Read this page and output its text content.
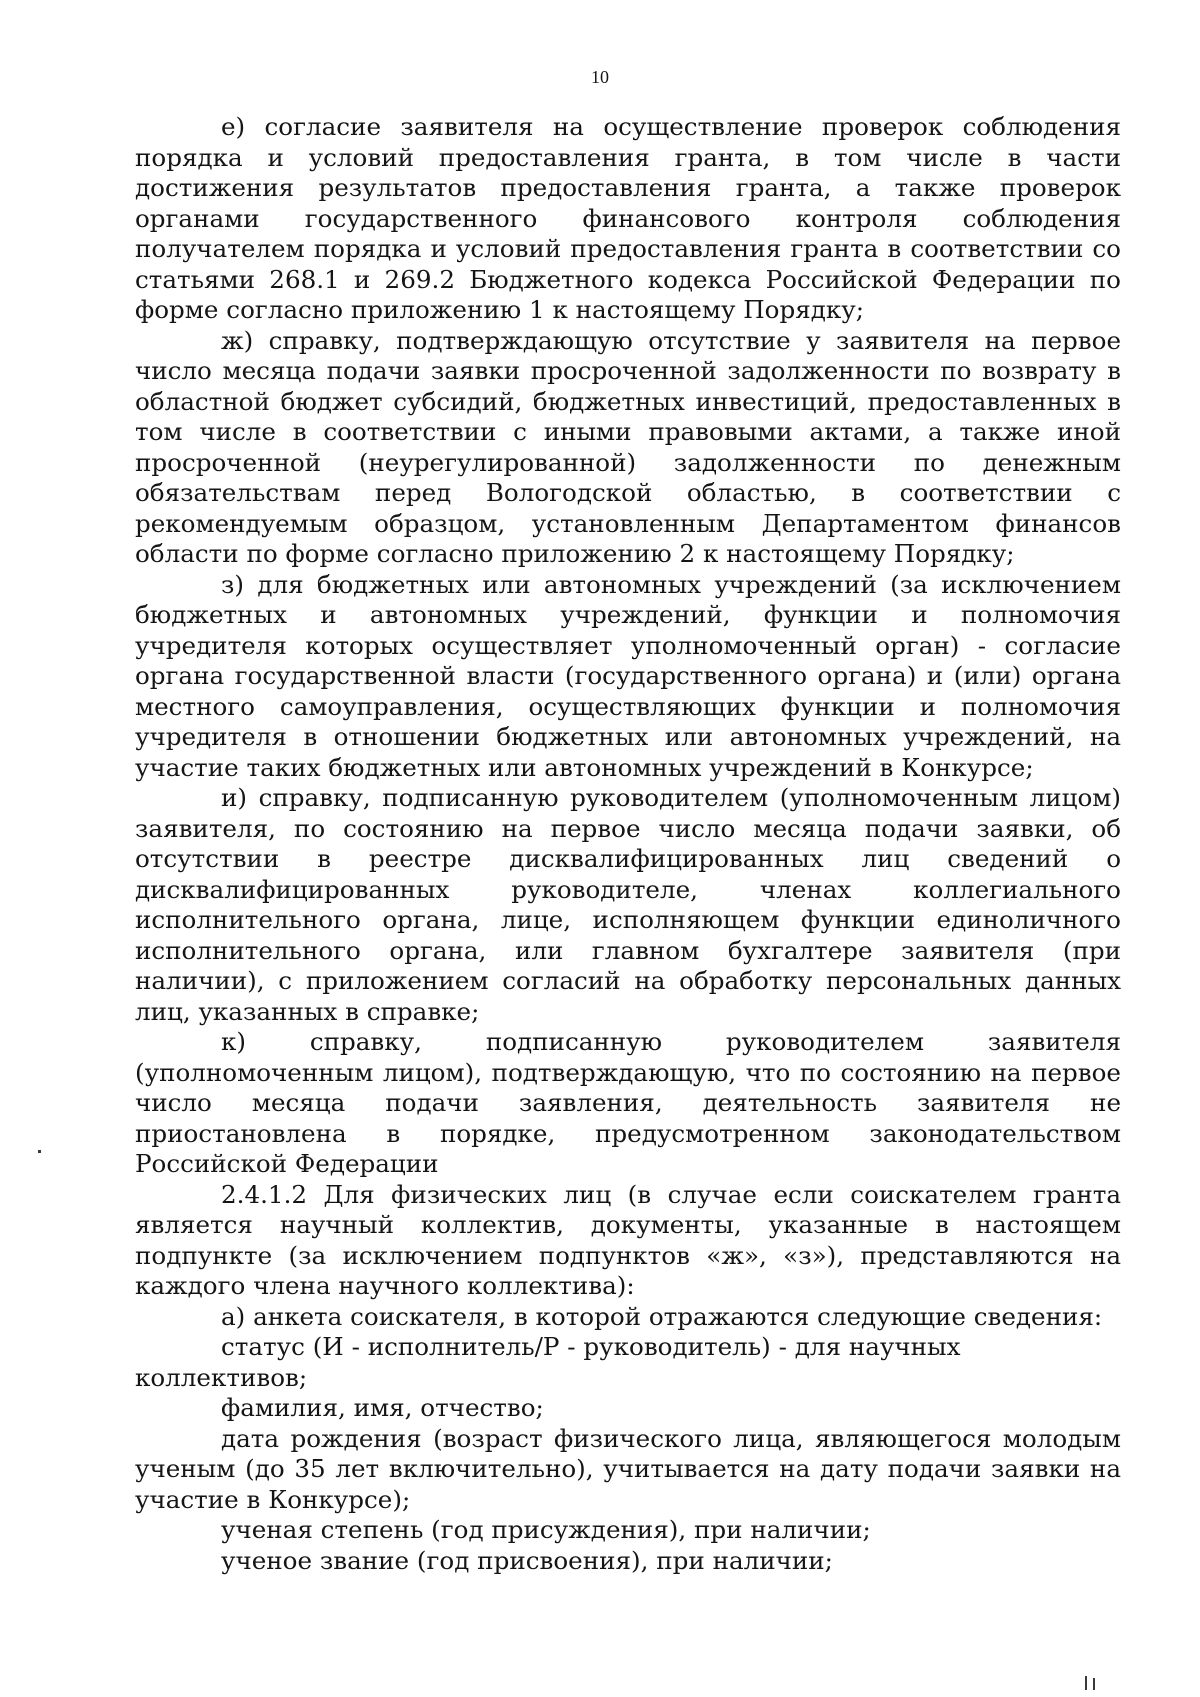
10

е) согласие заявителя на осуществление проверок соблюдения порядка и условий предоставления гранта, в том числе в части достижения результатов предоставления гранта, а также проверок органами государственного финансового контроля соблюдения получателем порядка и условий предоставления гранта в соответствии со статьями 268.1 и 269.2 Бюджетного кодекса Российской Федерации по форме согласно приложению 1 к настоящему Порядку;

ж) справку, подтверждающую отсутствие у заявителя на первое число месяца подачи заявки просроченной задолженности по возврату в областной бюджет субсидий, бюджетных инвестиций, предоставленных в том числе в соответствии с иными правовыми актами, а также иной просроченной (неурегулированной) задолженности по денежным обязательствам перед Вологодской областью, в соответствии с рекомендуемым образцом, установленным Департаментом финансов области по форме согласно приложению 2 к настоящему Порядку;

з) для бюджетных или автономных учреждений (за исключением бюджетных и автономных учреждений, функции и полномочия учредителя которых осуществляет уполномоченный орган) - согласие органа государственной власти (государственного органа) и (или) органа местного самоуправления, осуществляющих функции и полномочия учредителя в отношении бюджетных или автономных учреждений, на участие таких бюджетных или автономных учреждений в Конкурсе;

и) справку, подписанную руководителем (уполномоченным лицом) заявителя, по состоянию на первое число месяца подачи заявки, об отсутствии в реестре дисквалифицированных лиц сведений о дисквалифицированных руководителе, членах коллегиального исполнительного органа, лице, исполняющем функции единоличного исполнительного органа, или главном бухгалтере заявителя (при наличии), с приложением согласий на обработку персональных данных лиц, указанных в справке;

к) справку, подписанную руководителем заявителя (уполномоченным лицом), подтверждающую, что по состоянию на первое число месяца подачи заявления, деятельность заявителя не приостановлена в порядке, предусмотренном законодательством Российской Федерации

2.4.1.2 Для физических лиц (в случае если соискателем гранта является научный коллектив, документы, указанные в настоящем подпункте (за исключением подпунктов «ж», «з»), представляются на каждого члена научного коллектива):

а) анкета соискателя, в которой отражаются следующие сведения:

статус (И - исполнитель/Р - руководитель) - для научных коллективов;

фамилия, имя, отчество;

дата рождения (возраст физического лица, являющегося молодым ученым (до 35 лет включительно), учитывается на дату подачи заявки на участие в Конкурсе);

ученая степень (год присуждения), при наличии;

ученое звание (год присвоения), при наличии;
